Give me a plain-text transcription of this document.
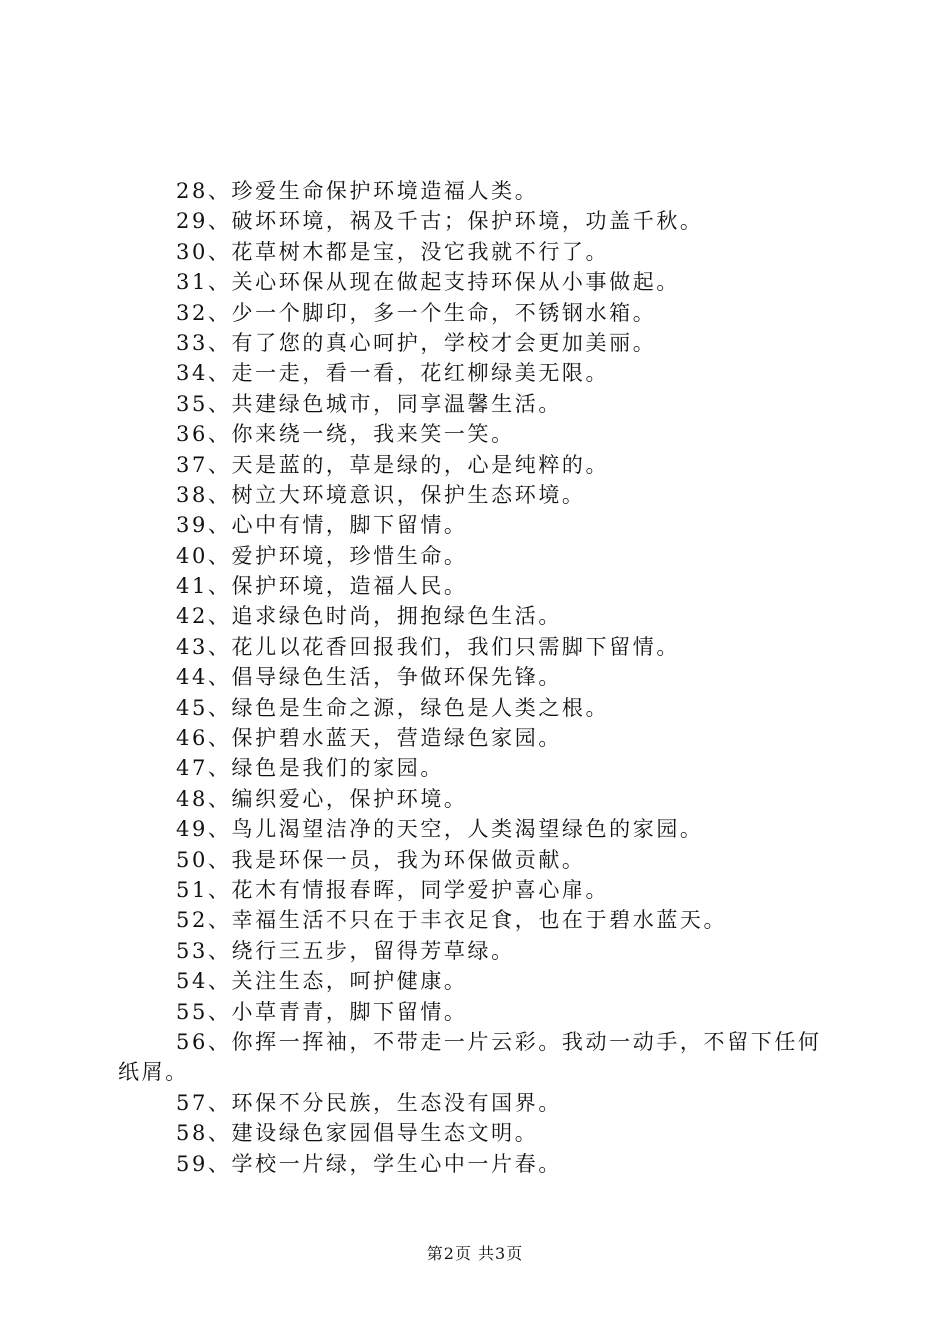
28、珍爱生命保护环境造福人类。
29、破坏环境，祸及千古；保护环境，功盖千秋。
30、花草树木都是宝，没它我就不行了。
31、关心环保从现在做起支持环保从小事做起。
32、少一个脚印，多一个生命，不锈钢水箱。
33、有了您的真心呵护，学校才会更加美丽。
34、走一走，看一看，花红柳绿美无限。
35、共建绿色城市，同享温馨生活。
36、你来绕一绕，我来笑一笑。
37、天是蓝的，草是绿的，心是纯粹的。
38、树立大环境意识，保护生态环境。
39、心中有情，脚下留情。
40、爱护环境，珍惜生命。
41、保护环境，造福人民。
42、追求绿色时尚，拥抱绿色生活。
43、花儿以花香回报我们，我们只需脚下留情。
44、倡导绿色生活，争做环保先锋。
45、绿色是生命之源，绿色是人类之根。
46、保护碧水蓝天，营造绿色家园。
47、绿色是我们的家园。
48、编织爱心，保护环境。
49、鸟儿渴望洁净的天空，人类渴望绿色的家园。
50、我是环保一员，我为环保做贡献。
51、花木有情报春晖，同学爱护喜心扉。
52、幸福生活不只在于丰衣足食，也在于碧水蓝天。
53、绕行三五步，留得芳草绿。
54、关注生态，呵护健康。
55、小草青青，脚下留情。
56、你挥一挥袖，不带走一片云彩。我动一动手，不留下任何纸屑。
57、环保不分民族，生态没有国界。
58、建设绿色家园倡导生态文明。
59、学校一片绿，学生心中一片春。
第2页 共3页
